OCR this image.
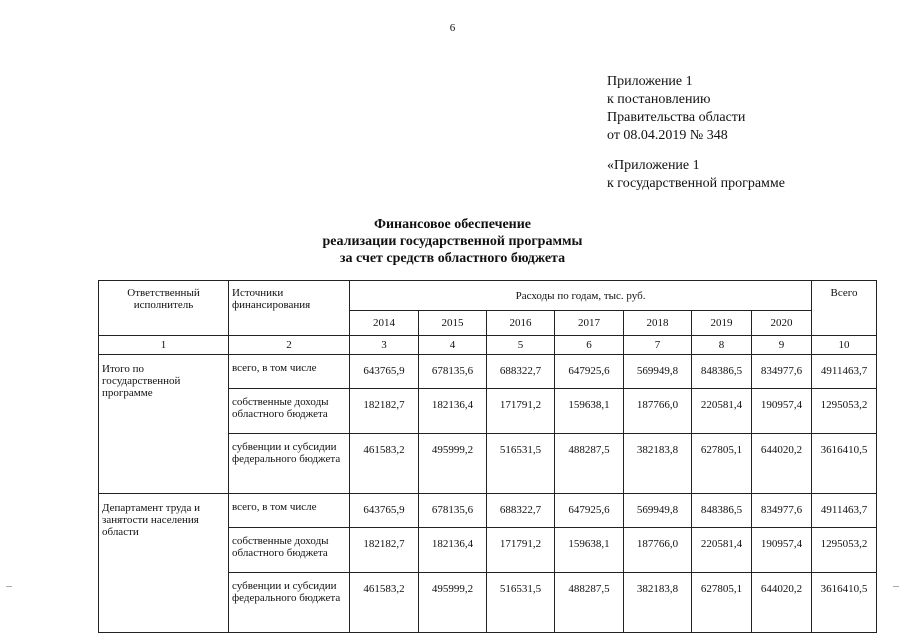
6
Приложение 1
к постановлению
Правительства области
от 08.04.2019 № 348
«Приложение 1
к государственной программе
Финансовое обеспечение
реализации государственной программы
за счет средств областного бюджета
Ответственный исполнитель	Источники финансирования	Расходы по годам, тыс. руб.							Всего
		2014	2015	2016	2017	2018	2019	2020	
1	2	3	4	5	6	7	8	9	10
Итого по государственной программе	всего, в том числе	643765,9	678135,6	688322,7	647925,6	569949,8	848386,5	834977,6	4911463,7
	собственные доходы областного бюджета	182182,7	182136,4	171791,2	159638,1	187766,0	220581,4	190957,4	1295053,2
	субвенции и субсидии федерального бюджета	461583,2	495999,2	516531,5	488287,5	382183,8	627805,1	644020,2	3616410,5
Департамент труда и занятости населения области	всего, в том числе	643765,9	678135,6	688322,7	647925,6	569949,8	848386,5	834977,6	4911463,7
	собственные доходы областного бюджета	182182,7	182136,4	171791,2	159638,1	187766,0	220581,4	190957,4	1295053,2
	субвенции и субсидии федерального бюджета	461583,2	495999,2	516531,5	488287,5	382183,8	627805,1	644020,2	3616410,5
